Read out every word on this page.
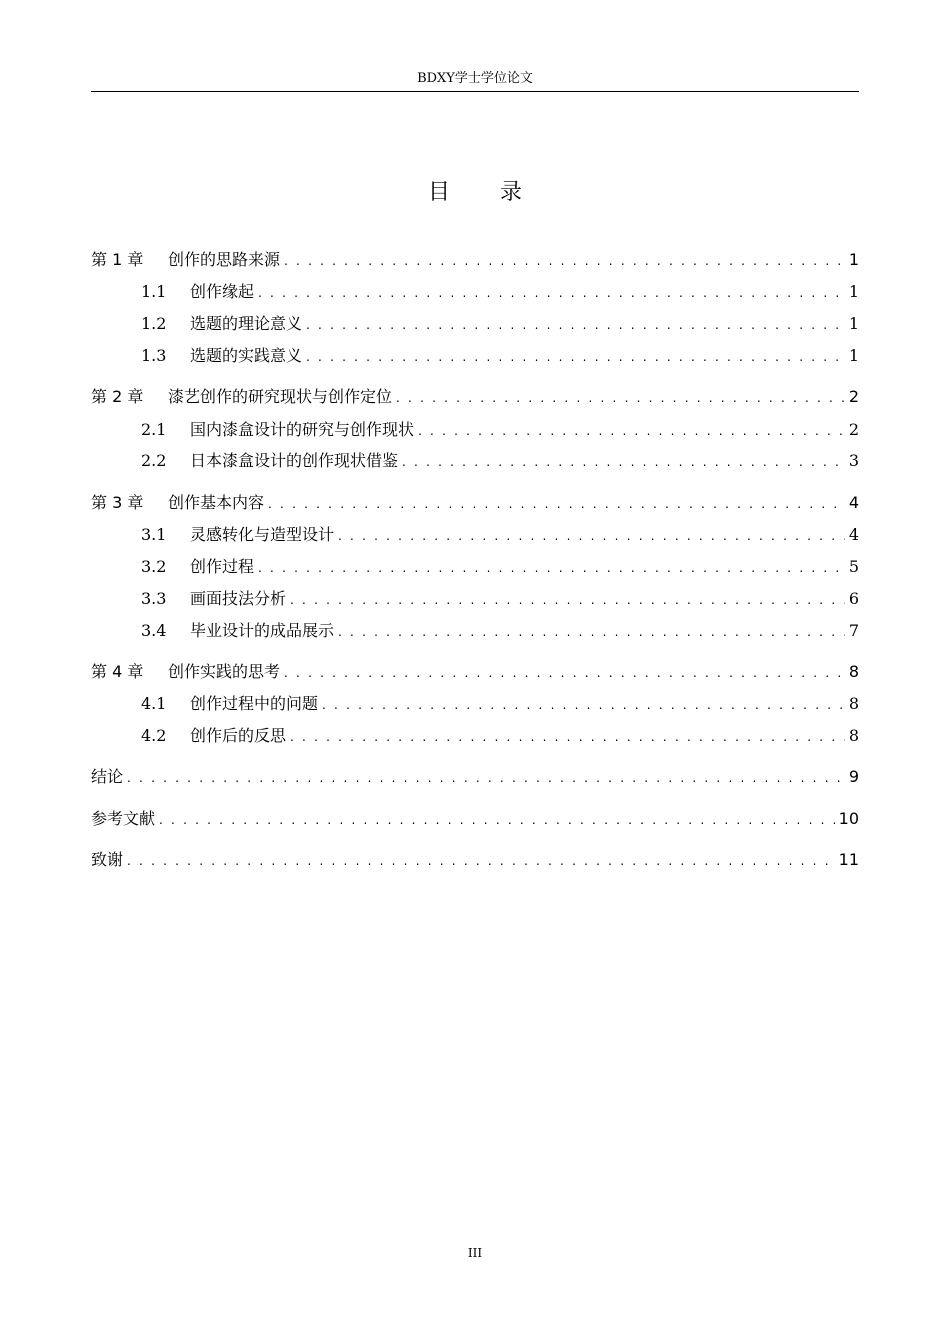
BDXY学士学位论文
目录
第 1 章	创作的思路来源 . . .	1
1.1	创作缘起 . . .	1
1.2	选题的理论意义 . . .	1
1.3	选题的实践意义 . . .	1
第 2 章	漆艺创作的研究现状与创作定位 . . .	2
2.1	国内漆盒设计的研究与创作现状 . . .	2
2.2	日本漆盒设计的创作现状借鉴 . . .	3
第 3 章	创作基本内容 . . .	4
3.1	灵感转化与造型设计 . . .	4
3.2	创作过程 . . .	5
3.3	画面技法分析 . . .	6
3.4	毕业设计的成品展示 . . .	7
第 4 章	创作实践的思考 . . .	8
4.1	创作过程中的问题 . . .	8
4.2	创作后的反思 . . .	8
结论 . . .	9
参考文献 . . .	10
致谢 . . .	11
III
